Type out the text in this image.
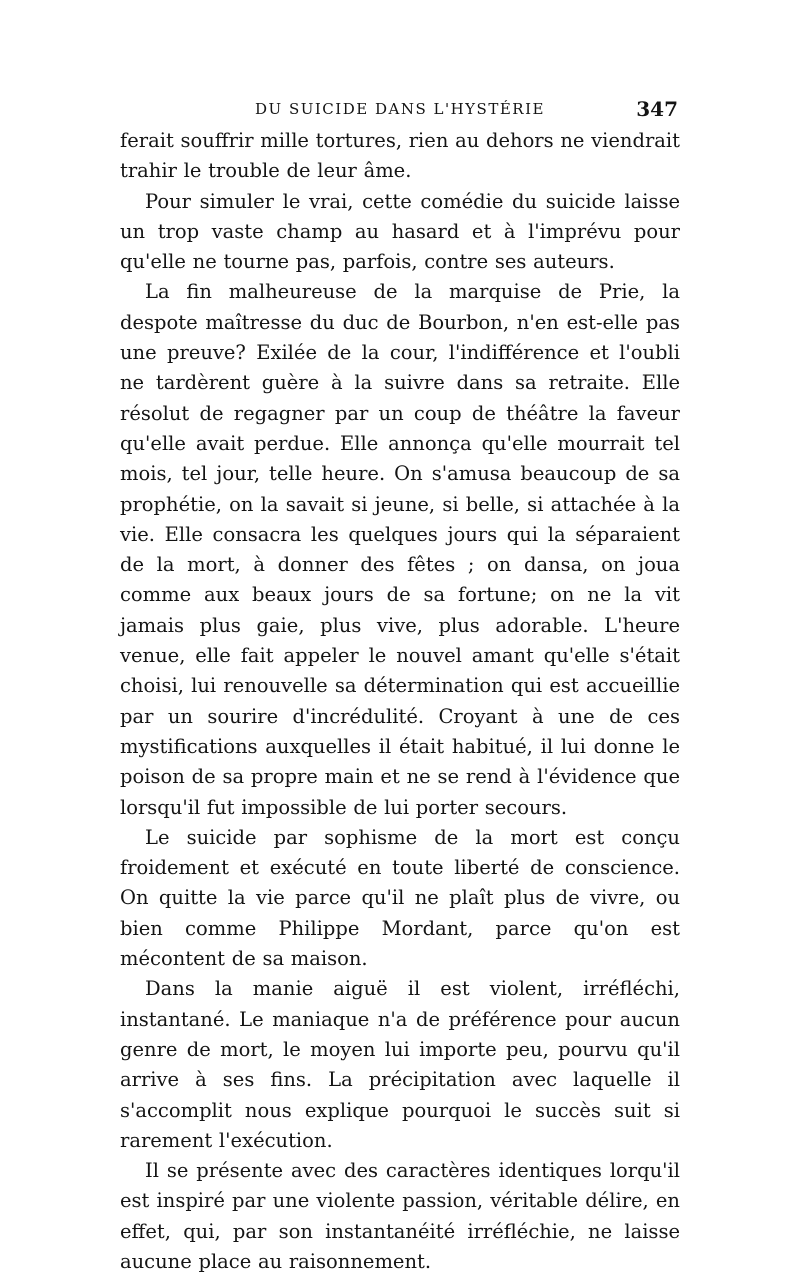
DU SUICIDE DANS L'HYSTÉRIE	347

ferait souffrir mille tortures, rien au dehors ne viendrait trahir le trouble de leur âme.

Pour simuler le vrai, cette comédie du suicide laisse un trop vaste champ au hasard et à l'imprévu pour qu'elle ne tourne pas, parfois, contre ses auteurs.

La fin malheureuse de la marquise de Prie, la despote maîtresse du duc de Bourbon, n'en est-elle pas une preuve? Exilée de la cour, l'indifférence et l'oubli ne tardèrent guère à la suivre dans sa retraite. Elle résolut de regagner par un coup de théâtre la faveur qu'elle avait perdue. Elle annonça qu'elle mourrait tel mois, tel jour, telle heure. On s'amusa beaucoup de sa prophétie, on la savait si jeune, si belle, si attachée à la vie. Elle consacra les quelques jours qui la séparaient de la mort, à donner des fêtes ; on dansa, on joua comme aux beaux jours de sa fortune; on ne la vit jamais plus gaie, plus vive, plus adorable. L'heure venue, elle fait appeler le nouvel amant qu'elle s'était choisi, lui renouvelle sa détermination qui est accueillie par un sourire d'incrédulité. Croyant à une de ces mystifications auxquelles il était habitué, il lui donne le poison de sa propre main et ne se rend à l'évidence que lorsqu'il fut impossible de lui porter secours.

Le suicide par sophisme de la mort est conçu froidement et exécuté en toute liberté de conscience. On quitte la vie parce qu'il ne plaît plus de vivre, ou bien comme Philippe Mordant, parce qu'on est mécontent de sa maison.

Dans la manie aiguë il est violent, irréfléchi, instantané. Le maniaque n'a de préférence pour aucun genre de mort, le moyen lui importe peu, pourvu qu'il arrive à ses fins. La précipitation avec laquelle il s'accomplit nous explique pourquoi le succès suit si rarement l'exécution.

Il se présente avec des caractères identiques lorqu'il est inspiré par une violente passion, véritable délire, en effet, qui, par son instantanéité irréfléchie, ne laisse aucune place au raisonnement.
